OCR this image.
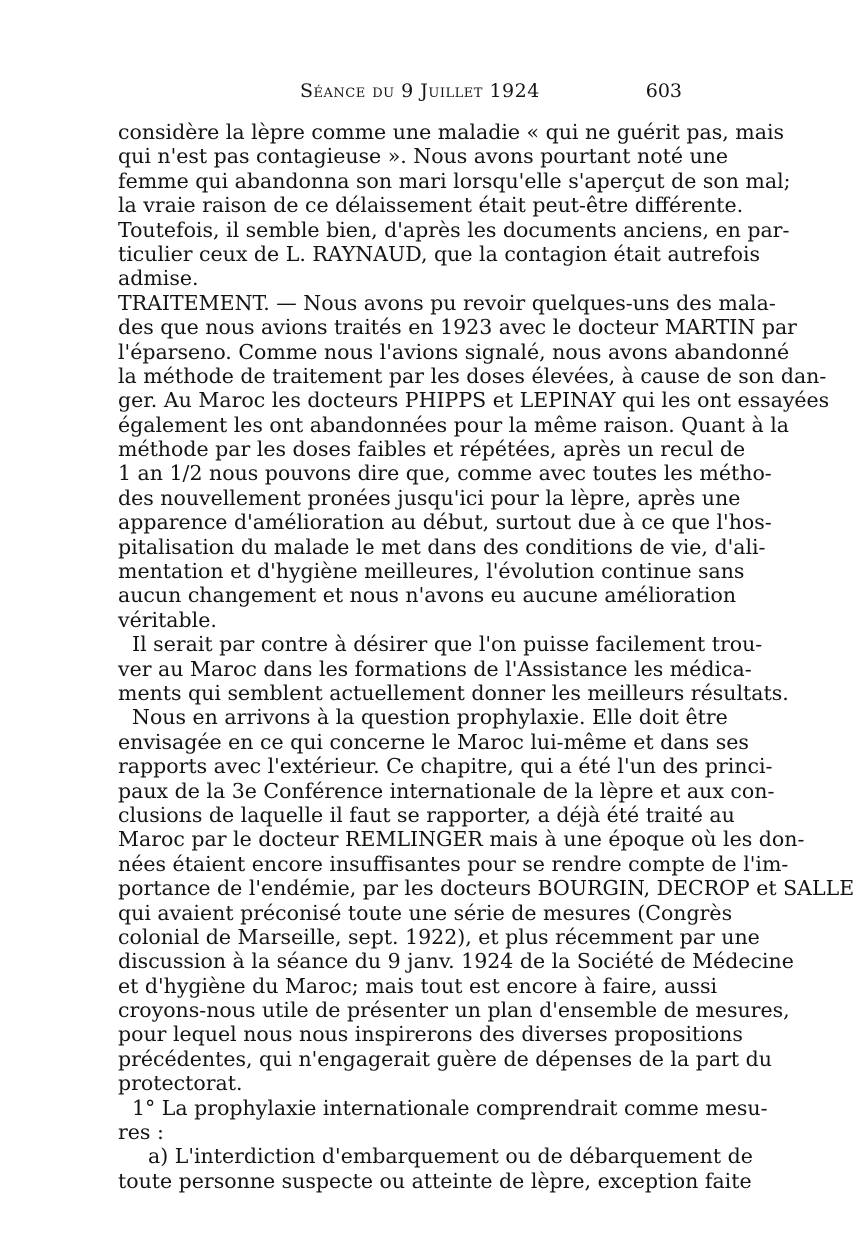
Séance du 9 Juillet 1924	603
considère la lèpre comme une maladie « qui ne guérit pas, mais
qui n'est pas contagieuse ». Nous avons pourtant noté une
femme qui abandonna son mari lorsqu'elle s'aperçut de son mal;
la vraie raison de ce délaissement était peut-être différente.
Toutefois, il semble bien, d'après les documents anciens, en par-
ticulier ceux de L. RAYNAUD, que la contagion était autrefois
admise.
TRAITEMENT. — Nous avons pu revoir quelques-uns des mala-
des que nous avions traités en 1923 avec le docteur MARTIN par
l'éparseno. Comme nous l'avions signalé, nous avons abandonné
la méthode de traitement par les doses élevées, à cause de son dan-
ger. Au Maroc les docteurs PHIPPS et LEPINAY qui les ont essayées
également les ont abandonnées pour la même raison. Quant à la
méthode par les doses faibles et répétées, après un recul de
1 an 1/2 nous pouvons dire que, comme avec toutes les métho-
des nouvellement pronées jusqu'ici pour la lèpre, après une
apparence d'amélioration au début, surtout due à ce que l'hos-
pitalisation du malade le met dans des conditions de vie, d'ali-
mentation et d'hygiène meilleures, l'évolution continue sans
aucun changement et nous n'avons eu aucune amélioration
véritable.
Il serait par contre à désirer que l'on puisse facilement trou-
ver au Maroc dans les formations de l'Assistance les médica-
ments qui semblent actuellement donner les meilleurs résultats.
Nous en arrivons à la question prophylaxie. Elle doit être
envisagée en ce qui concerne le Maroc lui-même et dans ses
rapports avec l'extérieur. Ce chapitre, qui a été l'un des princi-
paux de la 3e Conférence internationale de la lèpre et aux con-
clusions de laquelle il faut se rapporter, a déjà été traité au
Maroc par le docteur REMLINGER mais à une époque où les don-
nées étaient encore insuffisantes pour se rendre compte de l'im-
portance de l'endémie, par les docteurs BOURGIN, DECROP et SALLE
qui avaient préconisé toute une série de mesures (Congrès
colonial de Marseille, sept. 1922), et plus récemment par une
discussion à la séance du 9 janv. 1924 de la Société de Médecine
et d'hygiène du Maroc; mais tout est encore à faire, aussi
croyons-nous utile de présenter un plan d'ensemble de mesures,
pour lequel nous nous inspirerons des diverses propositions
précédentes, qui n'engagerait guère de dépenses de la part du
protectorat.
1° La prophylaxie internationale comprendrait comme mesu-
res :
a) L'interdiction d'embarquement ou de débarquement de
toute personne suspecte ou atteinte de lèpre, exception faite
